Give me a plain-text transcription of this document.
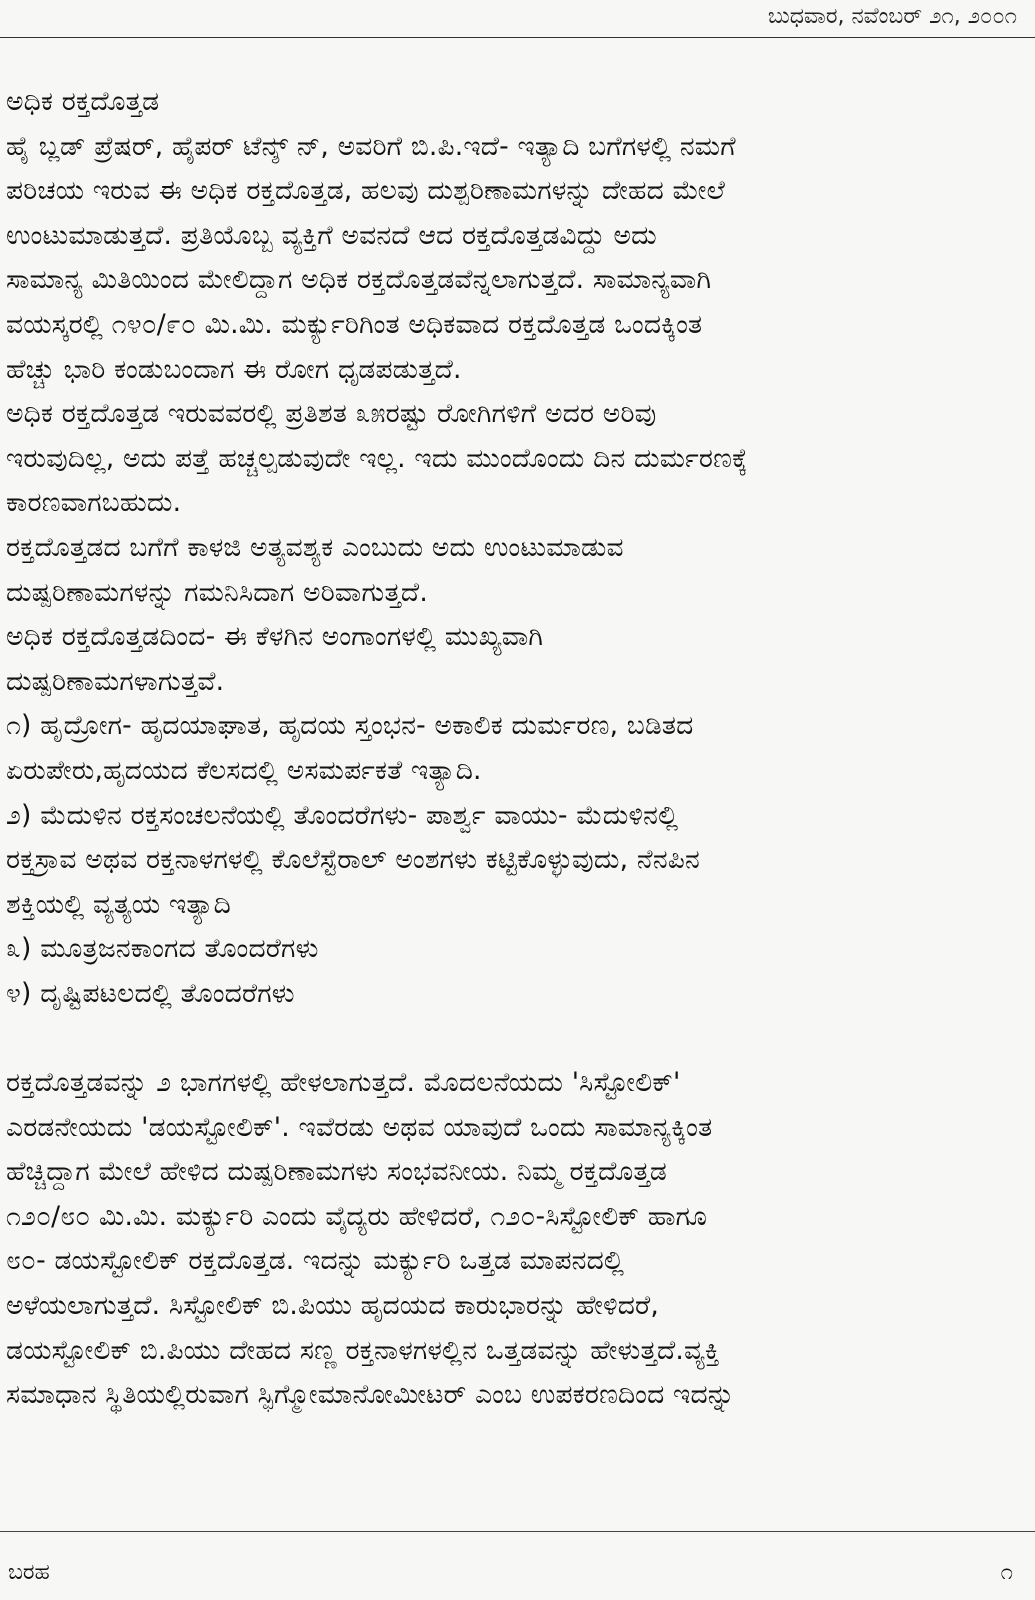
ಬುಧವಾರ, ನವೆಂಬರ್ ೨೧, ೨೦೦೧
ಅಧಿಕ ರಕ್ತದೊತ್ತಡ
ಹೈ ಬ್ಲಡ್ ಪ್ರೆಷರ್, ಹೈಪರ್ ಟೆನ್ಶ್ ನ್, ಅವರಿಗೆ ಬಿ.ಪಿ.ಇದೆ- ಇತ್ಯಾದಿ ಬಗೆಗಳಲ್ಲಿ ನಮಗೆ
ಪರಿಚಯ ಇರುವ ಈ ಅಧಿಕ ರಕ್ತದೊತ್ತಡ, ಹಲವು ದುಶ್ಪರಿಣಾಮಗಳನ್ನು ದೇಹದ ಮೇಲೆ
ಉಂಟುಮಾಡುತ್ತದೆ. ಪ್ರತಿಯೊಬ್ಬ ವ್ಯಕ್ತಿಗೆ ಅವನದೆ ಆದ ರಕ್ತದೊತ್ತಡವಿದ್ದು ಅದು
ಸಾಮಾನ್ಯ ಮಿತಿಯಿಂದ ಮೇಲಿದ್ದಾಗ ಅಧಿಕ ರಕ್ತದೊತ್ತಡವೆನ್ನಲಾಗುತ್ತದೆ. ಸಾಮಾನ್ಯವಾಗಿ
ವಯಸ್ಕರಲ್ಲಿ ೧೪೦/೯೦ ಮಿ.ಮಿ. ಮರ್ಕ್ಯುರಿಗಿಂತ ಅಧಿಕವಾದ ರಕ್ತದೊತ್ತಡ ಒಂದಕ್ಕಿಂತ
ಹೆಚ್ಚು ಭಾರಿ ಕಂಡುಬಂದಾಗ ಈ ರೋಗ ಧೃಡಪಡುತ್ತದೆ.
ಅಧಿಕ ರಕ್ತದೊತ್ತಡ ಇರುವವರಲ್ಲಿ ಪ್ರತಿಶತ ೩೫ರಷ್ಟು ರೋಗಿಗಳಿಗೆ ಅದರ ಅರಿವು
ಇರುವುದಿಲ್ಲ, ಅದು ಪತ್ತೆ ಹಚ್ಚಲ್ಪಡುವುದೇ ಇಲ್ಲ. ಇದು ಮುಂದೊಂದು ದಿನ ದುರ್ಮರಣಕ್ಕೆ
ಕಾರಣವಾಗಬಹುದು.
ರಕ್ತದೊತ್ತಡದ ಬಗೆಗೆ ಕಾಳಜಿ ಅತ್ಯವಶ್ಯಕ ಎಂಬುದು ಅದು ಉಂಟುಮಾಡುವ
ದುಷ್ಪರಿಣಾಮಗಳನ್ನು ಗಮನಿಸಿದಾಗ ಅರಿವಾಗುತ್ತದೆ.
ಅಧಿಕ ರಕ್ತದೊತ್ತಡದಿಂದ- ಈ ಕೆಳಗಿನ ಅಂಗಾಂಗಳಲ್ಲಿ ಮುಖ್ಯವಾಗಿ
ದುಷ್ಪರಿಣಾಮಗಳಾಗುತ್ತವೆ.
೧) ಹೃದ್ರೋಗ- ಹೃದಯಾಘಾತ, ಹೃದಯ ಸ್ತಂಭನ- ಅಕಾಲಿಕ ದುರ್ಮರಣ, ಬಡಿತದ
ಏರುಪೇರು,ಹೃದಯದ ಕೆಲಸದಲ್ಲಿ ಅಸಮರ್ಪಕತೆ ಇತ್ಯಾದಿ.
೨) ಮೆದುಳಿನ ರಕ್ತಸಂಚಲನೆಯಲ್ಲಿ ತೊಂದರೆಗಳು- ಪಾರ್ಶ್ವ ವಾಯು- ಮೆದುಳಿನಲ್ಲಿ
ರಕ್ತಸ್ರಾವ ಅಥವ ರಕ್ತನಾಳಗಳಲ್ಲಿ ಕೊಲೆಸ್ಟೆರಾಲ್ ಅಂಶಗಳು ಕಟ್ಟಿಕೊಳ್ಳುವುದು, ನೆನಪಿನ
ಶಕ್ತಿಯಲ್ಲಿ ವ್ಯತ್ಯಯ ಇತ್ಯಾದಿ
೩) ಮೂತ್ರಜನಕಾಂಗದ ತೊಂದರೆಗಳು
೪) ದೃಷ್ಟಿಪಟಲದಲ್ಲಿ ತೊಂದರೆಗಳು
ರಕ್ತದೊತ್ತಡವನ್ನು ೨ ಭಾಗಗಳಲ್ಲಿ ಹೇಳಲಾಗುತ್ತದೆ. ಮೊದಲನೆಯದು 'ಸಿಸ್ಟೋಲಿಕ್'
ಎರಡನೇಯದು 'ಡಯಸ್ಟೋಲಿಕ್'. ಇವೆರಡು ಅಥವ ಯಾವುದೆ ಒಂದು ಸಾಮಾನ್ಯಕ್ಕಿಂತ
ಹೆಚ್ಚಿದ್ದಾಗ ಮೇಲೆ ಹೇಳಿದ ದುಷ್ಪರಿಣಾಮಗಳು ಸಂಭವನೀಯ. ನಿಮ್ಮ ರಕ್ತದೊತ್ತಡ
೧೨೦/೮೦ ಮಿ.ಮಿ. ಮರ್ಕ್ಯುರಿ ಎಂದು ವೈದ್ಯರು ಹೇಳಿದರೆ, ೧೨೦-ಸಿಸ್ಟೋಲಿಕ್ ಹಾಗೂ
೮೦- ಡಯಸ್ಟೋಲಿಕ್ ರಕ್ತದೊತ್ತಡ. ಇದನ್ನು ಮರ್ಕ್ಯುರಿ ಒತ್ತಡ ಮಾಪನದಲ್ಲಿ
ಅಳೆಯಲಾಗುತ್ತದೆ. ಸಿಸ್ಟೋಲಿಕ್ ಬಿ.ಪಿಯು ಹೃದಯದ ಕಾರುಭಾರನ್ನು ಹೇಳಿದರೆ,
ಡಯಸ್ಟೋಲಿಕ್ ಬಿ.ಪಿಯು ದೇಹದ ಸಣ್ಣ ರಕ್ತನಾಳಗಳಲ್ಲಿನ ಒತ್ತಡವನ್ನು ಹೇಳುತ್ತದೆ.ವ್ಯಕ್ತಿ
ಸಮಾಧಾನ ಸ್ಥಿತಿಯಲ್ಲಿರುವಾಗ ಸ್ಫಿಗ್ಮೋಮಾನೋಮೀಟರ್ ಎಂಬ ಉಪಕರಣದಿಂದ ಇದನ್ನು
ಬರಹ	೧
